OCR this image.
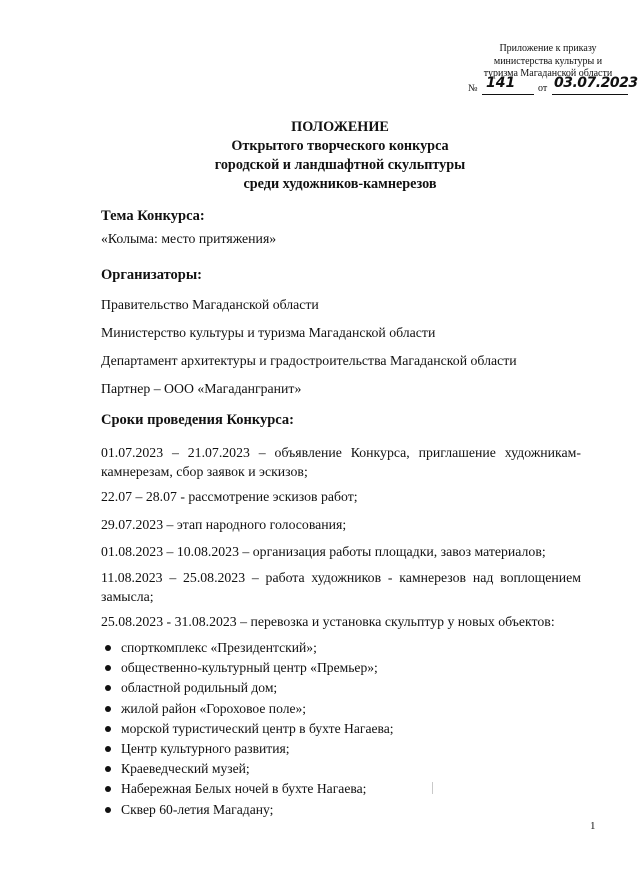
Приложение к приказу
министерства культуры и
туризма Магаданской области
№ 141 от 03.07.2023
ПОЛОЖЕНИЕ
Открытого творческого конкурса
городской и ландшафтной скульптуры
среди художников-камнерезов
Тема Конкурса:
«Колыма: место притяжения»
Организаторы:
Правительство Магаданской области
Министерство культуры и туризма Магаданской области
Департамент архитектуры и градостроительства Магаданской области
Партнер – ООО «Магадангранит»
Сроки проведения Конкурса:
01.07.2023 – 21.07.2023 – объявление Конкурса, приглашение художникам-камнерезам, сбор заявок и эскизов;
22.07 – 28.07 - рассмотрение эскизов работ;
29.07.2023 – этап народного голосования;
01.08.2023 – 10.08.2023 – организация работы площадки, завоз материалов;
11.08.2023 – 25.08.2023 – работа художников - камнерезов над воплощением замысла;
25.08.2023 - 31.08.2023 – перевозка и установка скульптур у новых объектов:
спорткомплекс «Президентский»;
общественно-культурный центр «Премьер»;
областной родильный дом;
жилой район «Гороховое поле»;
морской туристический центр в бухте Нагаева;
Центр культурного развития;
Краеведческий музей;
Набережная Белых ночей в бухте Нагаева;
Сквер 60-летия Магадану;
1
